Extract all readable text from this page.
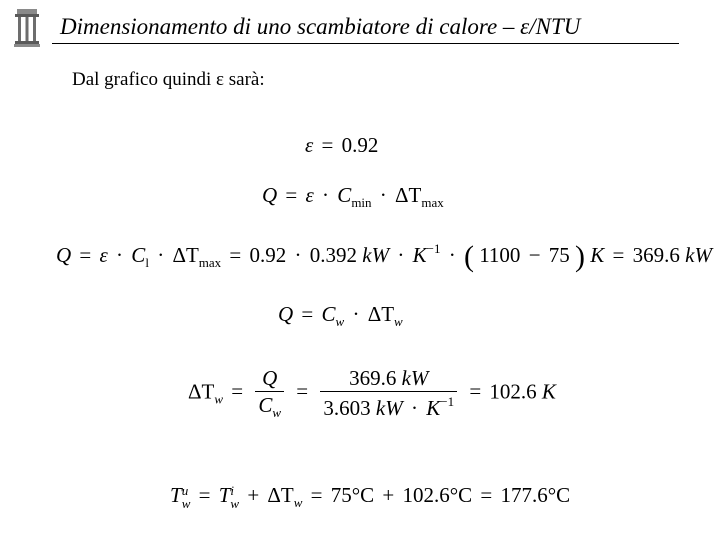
Dimensionamento di uno scambiatore di calore – ε/NTU
Dal grafico quindi ε sarà:
ε = 0.92
$Q = \varepsilon \cdot C_{min} \cdot \Delta T_{max}$
$Q = \varepsilon \cdot C_l \cdot \Delta T_{max} = 0.92 \cdot 0.392$ kW · $K^{-1}$ · ( 1100 − 75 ) K = 369.6 kW
$Q = C_w \cdot \Delta T_w$
$\Delta T_w = \frac{Q}{C_w} = \frac{369.6 kW}{3.603 kW \cdot K^{-1}} = 102.6$ K
T u
w = T i
$w + \Delta T_w = 75^\circ C + 102.6^\circ C = 177.6^\circ C$
